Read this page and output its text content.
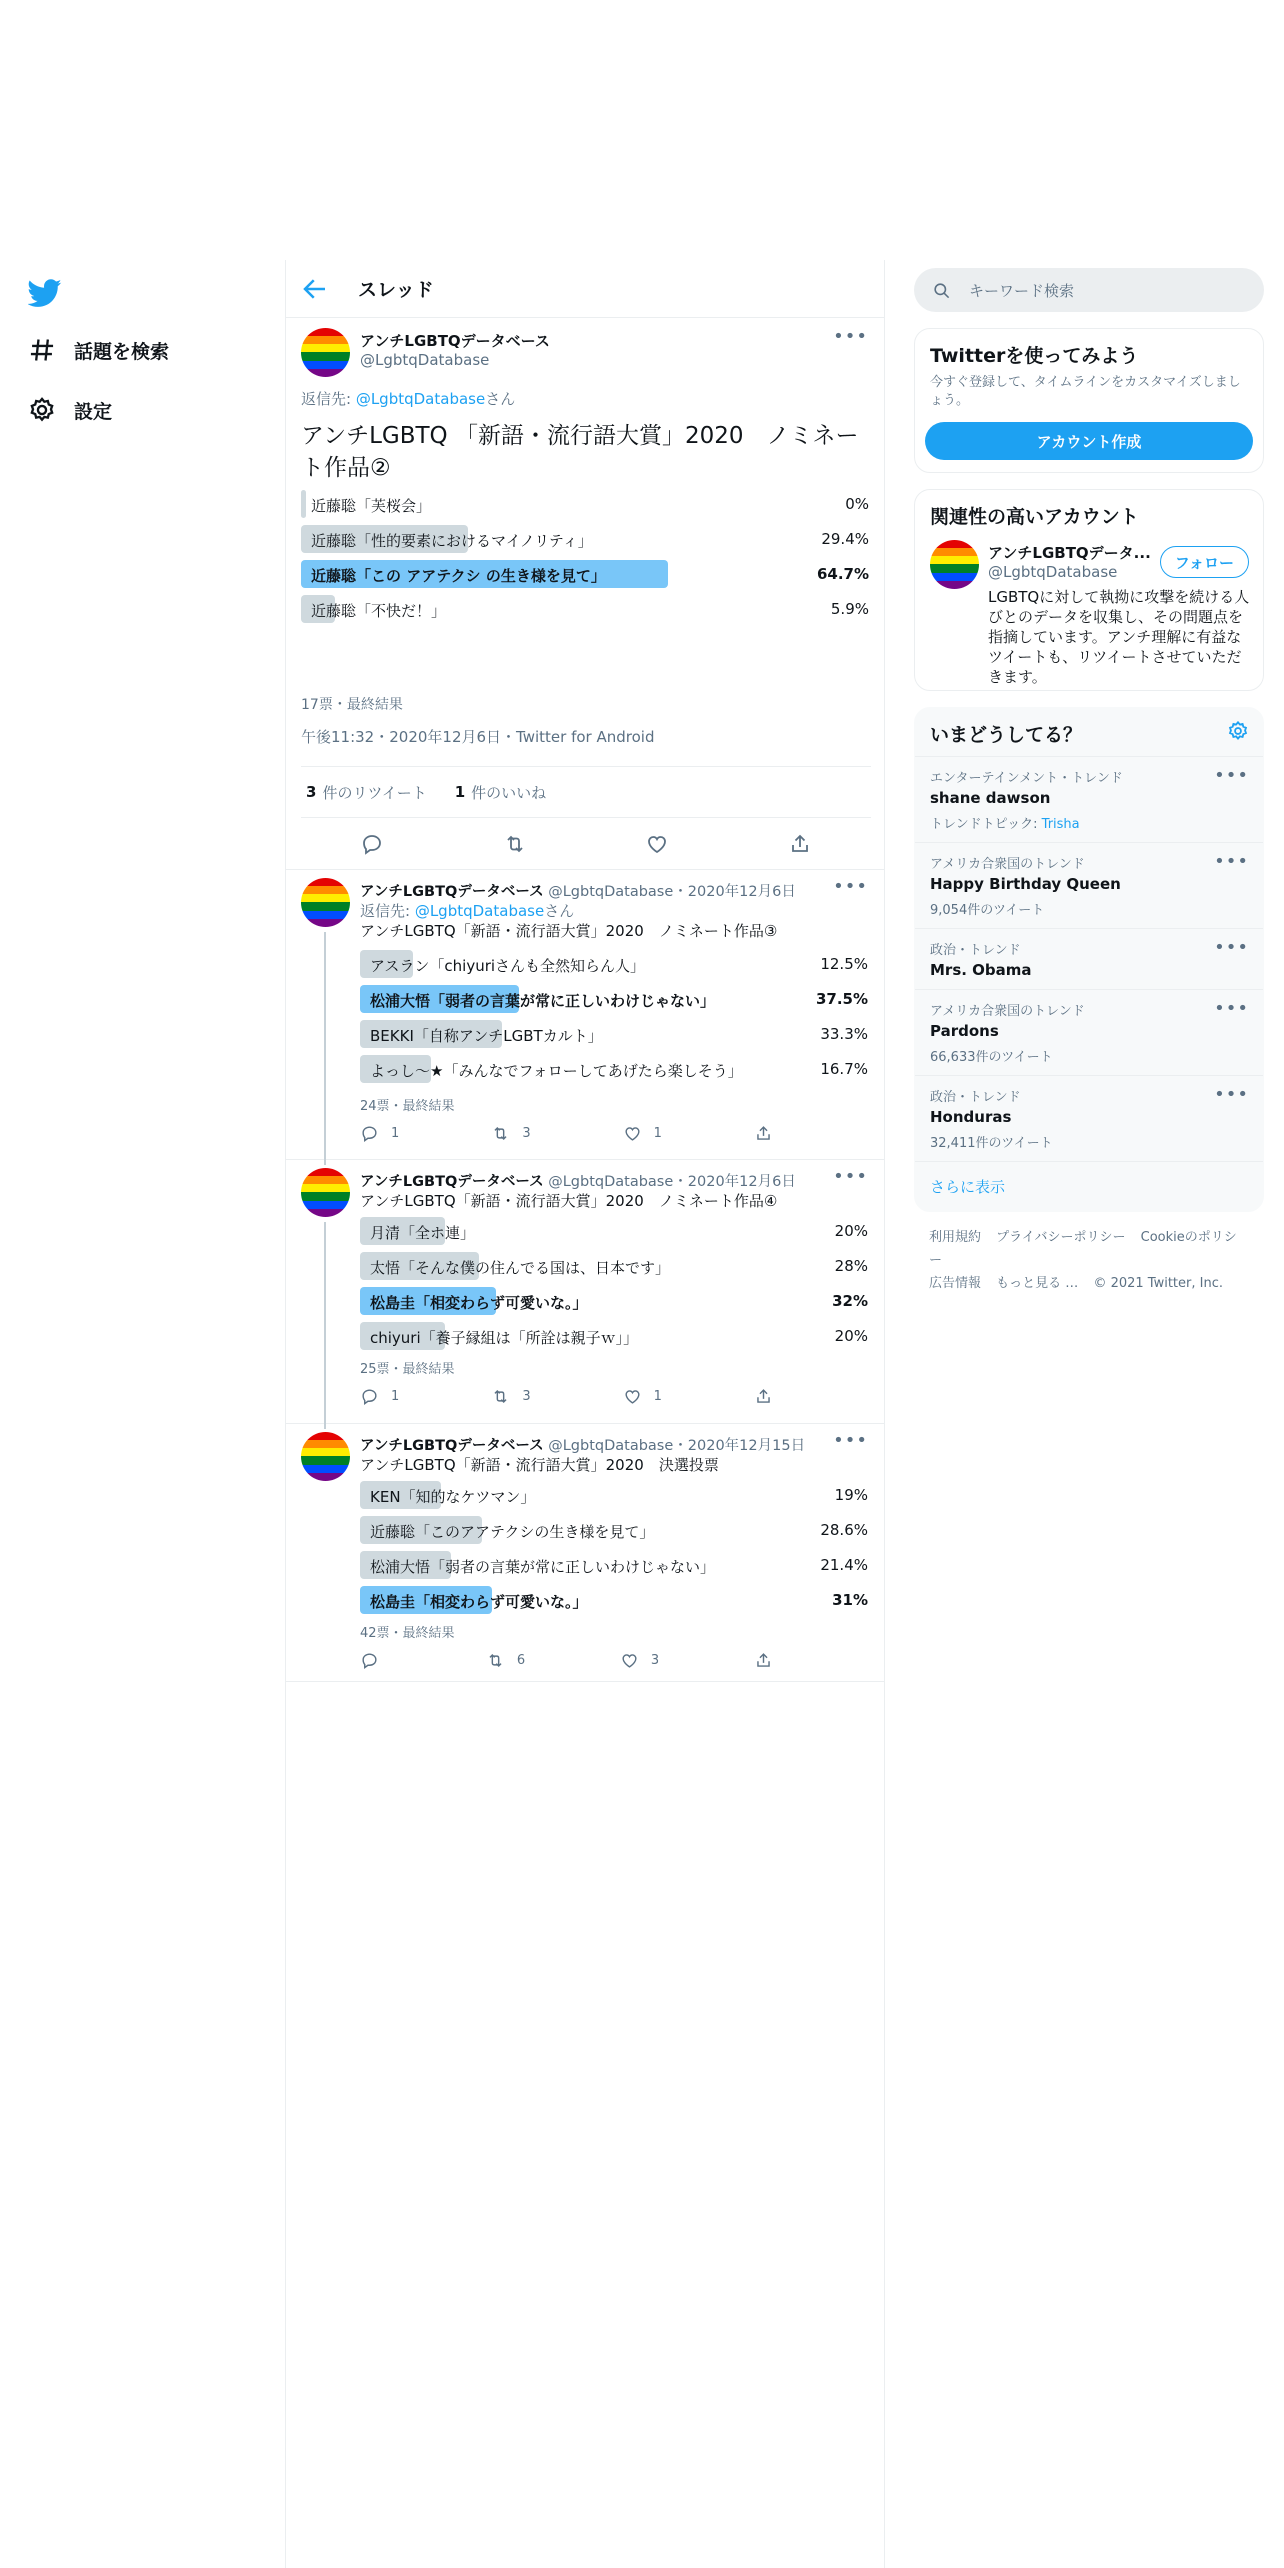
話題を検索
設定
スレッド
アンチLGBTQデータベース
@LgbtqDatabase
•••
返信先: @LgbtqDatabaseさん
アンチLGBTQ 「新語・流行語大賞」2020　ノミネート作品②
近藤聡「芙桜会」	0%
近藤聡「性的要素におけるマイノリティ」	29.4%
近藤聡「この アアテクシ の生き様を見て」	64.7%
近藤聡「不快だ！」	5.9%
17票・最終結果
午後11:32・2020年12月6日・Twitter for Android
3 件のリツイート 1 件のいいね
アンチLGBTQデータベース @LgbtqDatabase・2020年12月6日 •••
返信先: @LgbtqDatabaseさん
アンチLGBTQ「新語・流行語大賞」2020　ノミネート作品③
アスラン「chiyuriさんも全然知らん人」	12.5%
松浦大悟「弱者の言葉が常に正しいわけじゃない」	37.5%
BEKKI「自称アンチLGBTカルト」	33.3%
よっし～★「みんなでフォローしてあげたら楽しそう」	16.7%
24票・最終結果
1	3	1
アンチLGBTQデータベース @LgbtqDatabase・2020年12月6日 •••
アンチLGBTQ「新語・流行語大賞」2020　ノミネート作品④
月清「全ホ連」	20%
太悟「そんな僕の住んでる国は、日本です」	28%
松島圭「相変わらず可愛いな。」	32%
chiyuri「養子縁組は「所詮は親子ｗ」」	20%
25票・最終結果
1	3	1
アンチLGBTQデータベース @LgbtqDatabase・2020年12月15日 •••
アンチLGBTQ「新語・流行語大賞」2020　決選投票
KEN「知的なケツマン」	19%
近藤聡「このアアテクシの生き様を見て」	28.6%
松浦大悟「弱者の言葉が常に正しいわけじゃない」	21.4%
松島圭「相変わらず可愛いな。」	31%
42票・最終結果
6	3
キーワード検索
Twitterを使ってみよう
今すぐ登録して、タイムラインをカスタマイズしましょう。
アカウント作成
関連性の高いアカウント
アンチLGBTQデータ...
@LgbtqDatabase
フォロー
LGBTQに対して執拗に攻撃を続ける人びとのデータを収集し、その問題点を指摘しています。アンチ理解に有益なツイートも、リツイートさせていただきます。
いまどうしてる？
エンターテインメント・トレンド
shane dawson
トレンドトピック: Trisha
•••
アメリカ合衆国のトレンド
Happy Birthday Queen
9,054件のツイート
•••
政治・トレンド
Mrs. Obama
•••
アメリカ合衆国のトレンド
Pardons
66,633件のツイート
•••
政治・トレンド
Honduras
32,411件のツイート
•••
さらに表示
利用規約 プライバシーポリシー Cookieのポリシー
広告情報 もっと見る … © 2021 Twitter, Inc.
